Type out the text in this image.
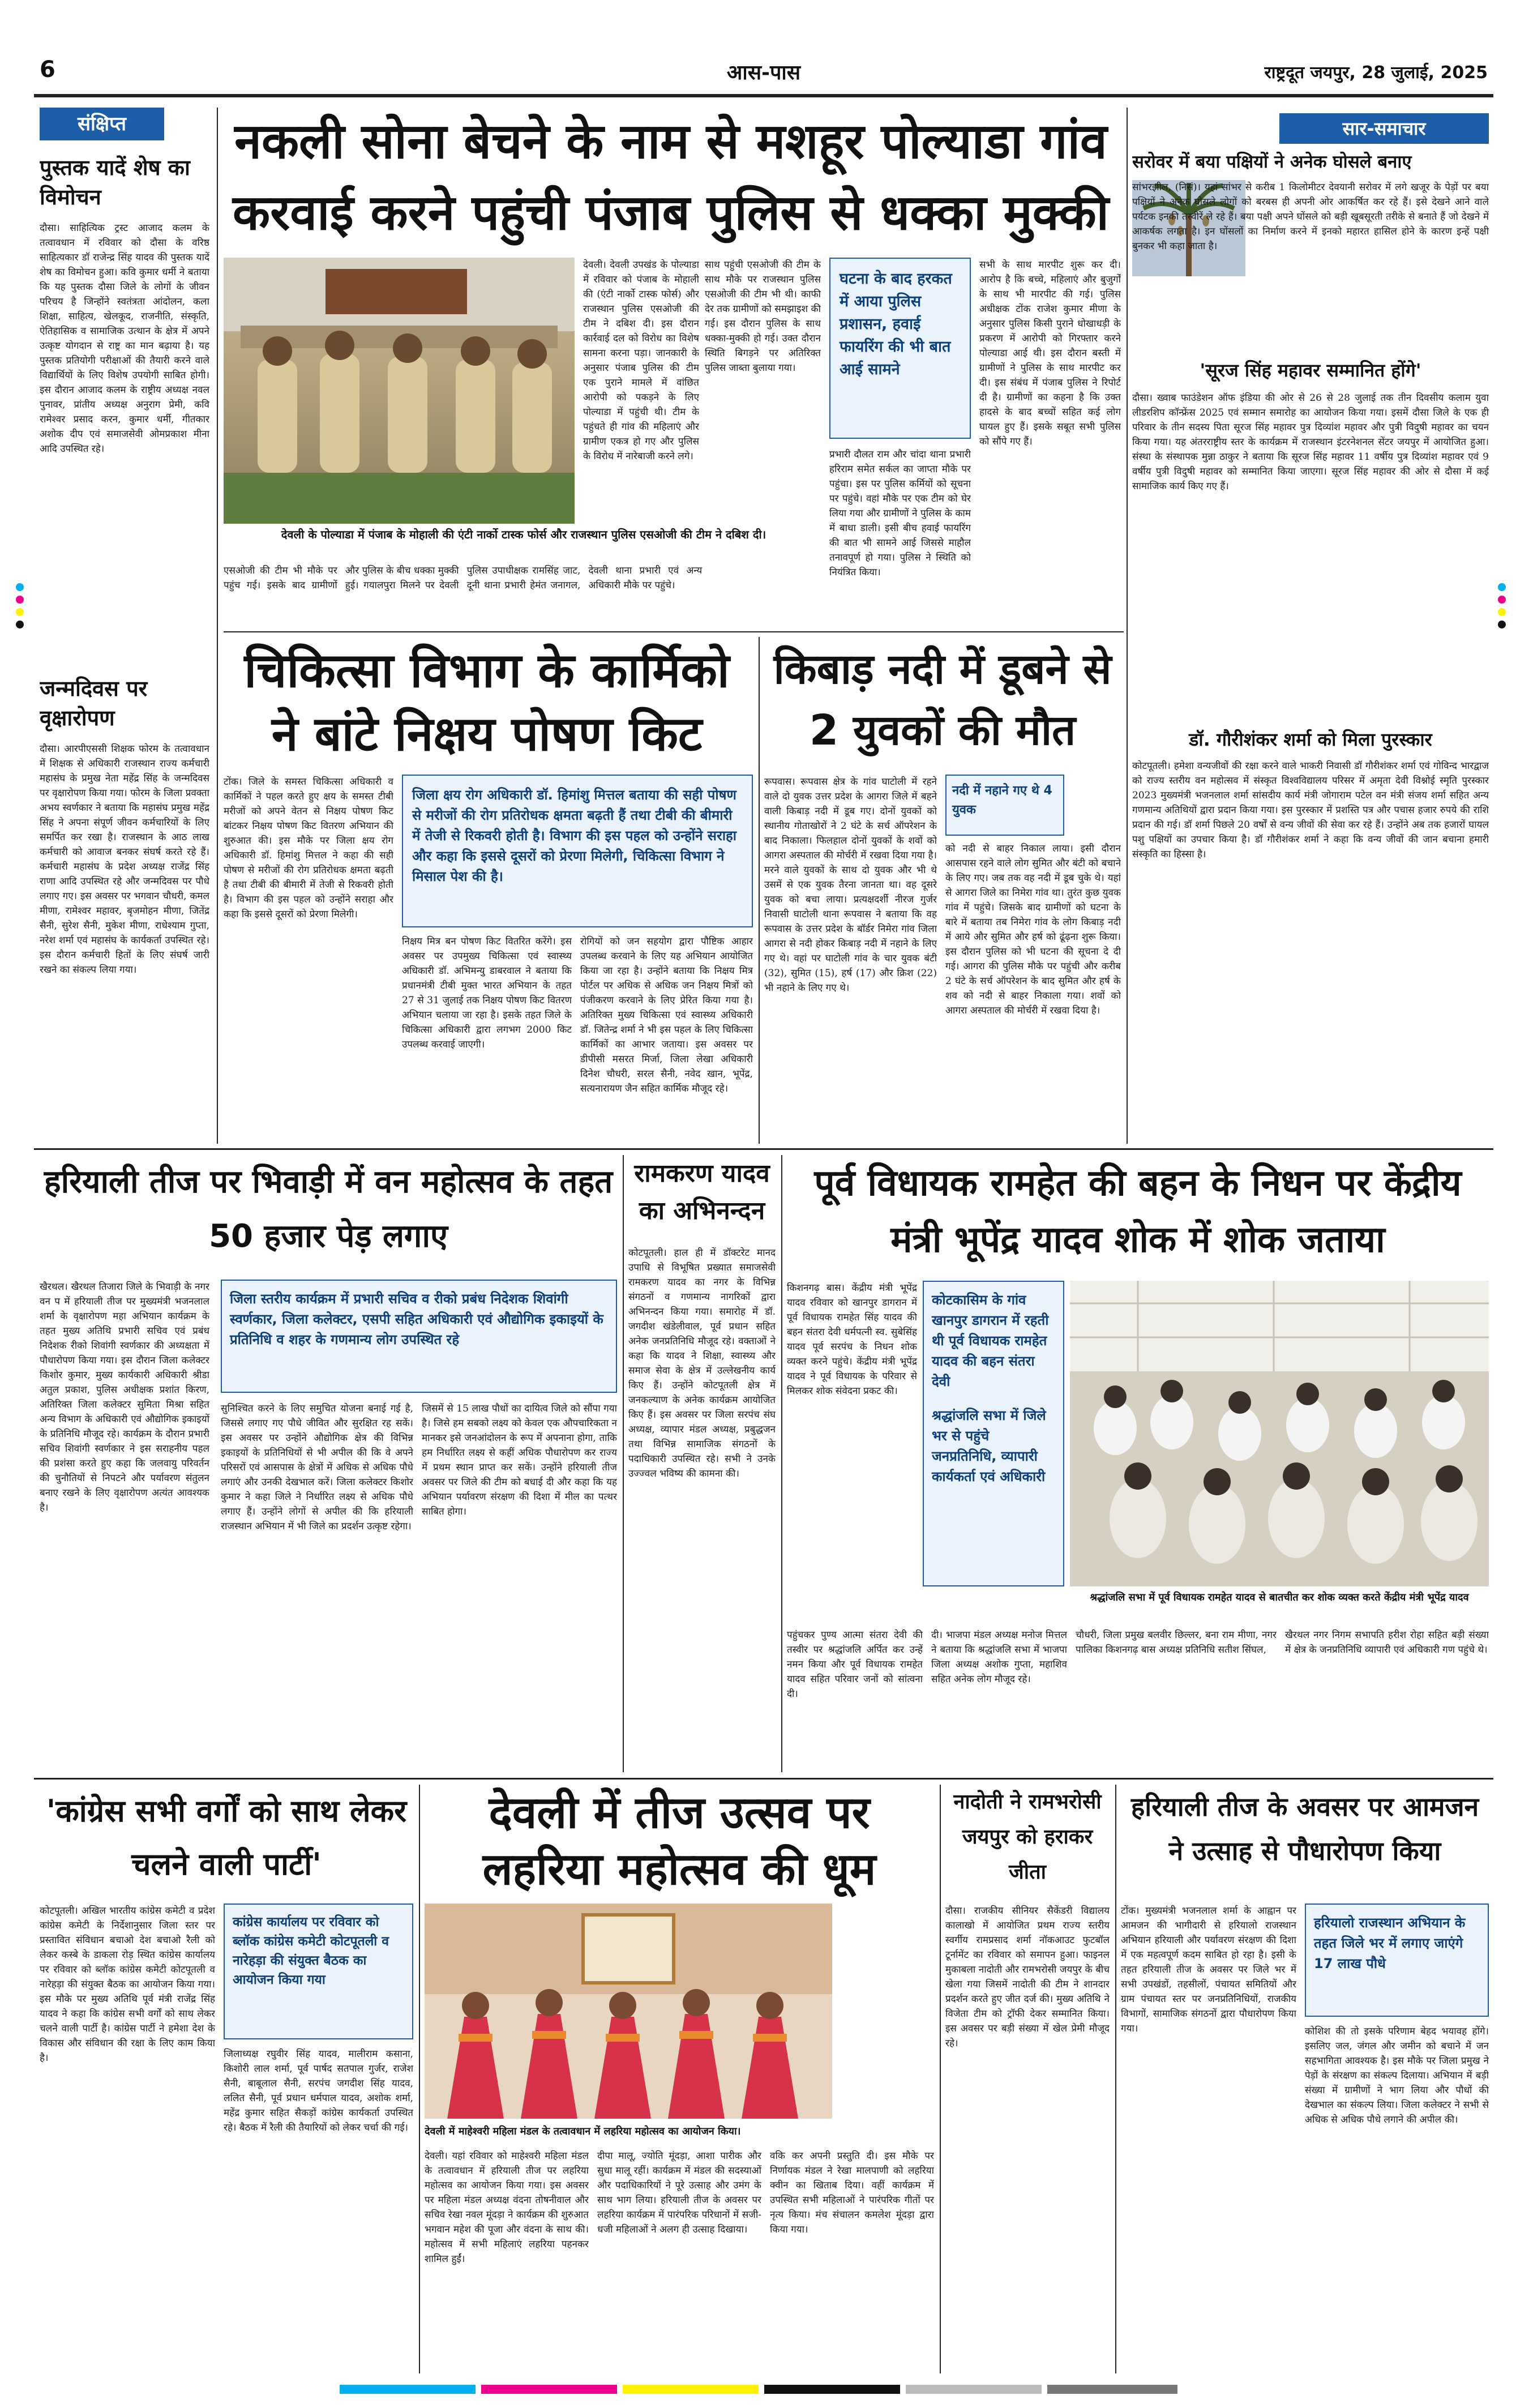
6	आस-पास	राष्ट्रदूत जयपुर, 28 जुलाई, 2025
संक्षिप्त
पुस्तक यादें शेष का विमोचन
दौसा। साहित्यिक ट्रस्ट आजाद कलम के तत्वावधान में रविवार को दौसा के वरिष्ठ साहित्यकार डॉ राजेन्द्र सिंह यादव की पुस्तक यादें शेष का विमोचन हुआ। कवि कुमार धर्मी ने बताया कि यह पुस्तक दौसा जिले के लोगों के जीवन परिचय है जिन्होंने स्वतंत्रता आंदोलन, कला शिक्षा, साहित्य, खेलकूद, राजनीति, संस्कृति, ऐतिहासिक व सामाजिक उत्थान के क्षेत्र में अपने उत्कृष्ट योगदान से राष्ट्र का मान बढ़ाया है। यह पुस्तक प्रतियोगी परीक्षाओं की तैयारी करने वाले विद्यार्थियों के लिए विशेष उपयोगी साबित होगी। इस दौरान आजाद कलम के राष्ट्रीय अध्यक्ष नवल पुनावर, प्रांतीय अध्यक्ष अनुराग प्रेमी, कवि रामेश्वर प्रसाद करन, कुमार धर्मी, गीतकार अशोक दीप एवं समाजसेवी ओमप्रकाश मीना आदि उपस्थित रहे।
जन्मदिवस पर वृक्षारोपण
दौसा। आरपीएससी शिक्षक फोरम के तत्वावधान में शिक्षक से अधिकारी राजस्थान राज्य कर्मचारी महासंघ के प्रमुख नेता महेंद्र सिंह के जन्मदिवस पर वृक्षारोपण किया गया। फोरम के जिला प्रवक्ता अभय स्वर्णकार ने बताया कि महासंघ प्रमुख महेंद्र सिंह ने अपना संपूर्ण जीवन कर्मचारियों के लिए समर्पित कर रखा है। राजस्थान के आठ लाख कर्मचारी को आवाज बनकर संघर्ष करते रहे हैं। कर्मचारी महासंघ के प्रदेश अध्यक्ष राजेंद्र सिंह राणा आदि उपस्थित रहे और जन्मदिवस पर पौधे लगाए गए। इस अवसर पर भगवान चौधरी, कमल मीणा, रामेश्वर महावर, बृजमोहन मीणा, जितेंद्र सैनी, सुरेश सैनी, मुकेश मीणा, राधेश्याम गुप्ता, नरेश शर्मा एवं महासंघ के कार्यकर्ता उपस्थित रहे। इस दौरान कर्मचारी हितों के लिए संघर्ष जारी रखने का संकल्प लिया गया।
नकली सोना बेचने के नाम से मशहूर पोल्याडा गांव
करवाई करने पहुंची पंजाब पुलिस से धक्का मुक्की
देवली के पोल्याडा में पंजाब के मोहाली की एंटी नार्को टास्क फोर्स और राजस्थान पुलिस एसओजी की टीम ने दबिश दी।
देवली। देवली उपखंड के पोल्याडा में रविवार को पंजाब के मोहाली की (एंटी नार्को टास्क फोर्स) और राजस्थान पुलिस एसओजी की टीम ने दबिश दी। इस दौरान कार्रवाई दल को विरोध का विशेष सामना करना पड़ा। जानकारी के अनुसार पंजाब पुलिस की टीम एक पुराने मामले में वांछित आरोपी को पकड़ने के लिए पोल्याडा में पहुंची थी। टीम के पहुंचते ही गांव की महिलाएं और ग्रामीण एकत्र हो गए और पुलिस के विरोध में नारेबाजी करने लगे।
साथ पहुंची एसओजी की टीम के साथ मौके पर राजस्थान पुलिस एसओजी की टीम भी थी। काफी देर तक ग्रामीणों को समझाइश की गई। इस दौरान पुलिस के साथ धक्का-मुक्की हो गई। उक्त दौरान स्थिति बिगड़ने पर अतिरिक्त पुलिस जाब्ता बुलाया गया।
एसओजी की टीम भी मौके पर पहुंच गई। इसके बाद ग्रामीणों और पुलिस के बीच धक्का मुक्की हुई। गयालपुरा मिलने पर देवली पुलिस उपाधीक्षक रामसिंह जाट, दूनी थाना प्रभारी हेमंत जनागल, देवली थाना प्रभारी एवं अन्य अधिकारी मौके पर पहुंचे।

घटना के बाद हरकत में आया पुलिस प्रशासन, हवाई फायरिंग की भी बात आई सामने

प्रभारी दौलत राम और चांदा थाना प्रभारी हरिराम समेत सर्कल का जाप्ता मौके पर पहुंचा। इस पर पुलिस कर्मियों को सूचना पर पहुंचे। वहां मौके पर एक टीम को घेर लिया गया और ग्रामीणों ने पुलिस के काम में बाधा डाली। इसी बीच हवाई फायरिंग की बात भी सामने आई जिससे माहौल तनावपूर्ण हो गया। पुलिस ने स्थिति को नियंत्रित किया।
सभी के साथ मारपीट शुरू कर दी। आरोप है कि बच्चे, महिलाएं और बुजुर्गों के साथ भी मारपीट की गई। पुलिस अधीक्षक टोंक राजेश कुमार मीणा के अनुसार पुलिस किसी पुराने धोखाधड़ी के प्रकरण में आरोपी को गिरफ्तार करने पोल्याडा आई थी। इस दौरान बस्ती में ग्रामीणों ने पुलिस के साथ मारपीट कर दी। इस संबंध में पंजाब पुलिस ने रिपोर्ट दी है। ग्रामीणों का कहना है कि उक्त हादसे के बाद बच्चों सहित कई लोग घायल हुए हैं। इसके सबूत सभी पुलिस को सौंपे गए हैं।
सार-समाचार
सरोवर में बया पक्षियों ने अनेक घोसले बनाए
सांभरझील, (निसं)। यहां सांभर से करीब 1 किलोमीटर देवयानी सरोवर में लगे खजूर के पेड़ों पर बया पक्षियों ने अनेक घोसले लोगों को बरबस ही अपनी ओर आकर्षित कर रहे हैं। इसे देखने आने वाले पर्यटक इनकी तस्वीरें ले रहे हैं। बया पक्षी अपने घोंसले को बड़ी खूबसूरती तरीके से बनाते हैं जो देखने में आकर्षक लगता है। इन घोंसलों का निर्माण करने में इनको महारत हासिल होने के कारण इन्हें पक्षी बुनकर भी कहा जाता है।
'सूरज सिंह महावर सम्मानित होंगे'
दौसा। ख्वाब फाउंडेशन ऑफ इंडिया की ओर से 26 से 28 जुलाई तक तीन दिवसीय कलाम युवा लीडरशिप कॉन्फ्रेंस 2025 एवं सम्मान समारोह का आयोजन किया गया। इसमें दौसा जिले के एक ही परिवार के तीन सदस्य पिता सूरज सिंह महावर पुत्र दिव्यांश महावर और पुत्री विदुषी महावर का चयन किया गया। यह अंतरराष्ट्रीय स्तर के कार्यक्रम में राजस्थान इंटरनेशनल सेंटर जयपुर में आयोजित हुआ। संस्था के संस्थापक मुन्ना ठाकुर ने बताया कि सूरज सिंह महावर 11 वर्षीय पुत्र दिव्यांश महावर एवं 9 वर्षीय पुत्री विदुषी महावर को सम्मानित किया जाएगा। सूरज सिंह महावर की ओर से दौसा में कई सामाजिक कार्य किए गए हैं।
डॉ. गौरीशंकर शर्मा को मिला पुरस्कार
कोटपूतली। हमेशा वन्यजीवों की रक्षा करने वाले भाकरी निवासी डॉ गौरीशंकर शर्मा एवं गोविन्द भारद्वाज को राज्य स्तरीय वन महोत्सव में संस्कृत विश्वविद्यालय परिसर में अमृता देवी विश्नोई स्मृति पुरस्कार 2023 मुख्यमंत्री भजनलाल शर्मा सांसदीय कार्य मंत्री जोगाराम पटेल वन मंत्री संजय शर्मा सहित अन्य गणमान्य अतिथियों द्वारा प्रदान किया गया। इस पुरस्कार में प्रशस्ति पत्र और पचास हजार रुपये की राशि प्रदान की गई। डॉ शर्मा पिछले 20 वर्षों से वन्य जीवों की सेवा कर रहे हैं। उन्होंने अब तक हजारों घायल पशु पक्षियों का उपचार किया है। डॉ गौरीशंकर शर्मा ने कहा कि वन्य जीवों की जान बचाना हमारी संस्कृति का हिस्सा है।
चिकित्सा विभाग के कार्मिको ने बांटे निक्षय पोषण किट

जिला क्षय रोग अधिकारी डॉ. हिमांशु मित्तल बताया की सही पोषण से मरीजों की रोग प्रतिरोधक क्षमता बढ़ती हैं तथा टीबी की बीमारी में तेजी से रिकवरी होती है। विभाग की इस पहल को उन्होंने सराहा और कहा कि इससे दूसरों को प्रेरणा मिलेगी, चिकित्सा विभाग ने मिसाल पेश की है।

टोंक। जिले के समस्त चिकित्सा अधिकारी व कार्मिकों ने पहल करते हुए क्षय के समस्त टीबी मरीजों को अपने वेतन से निक्षय पोषण किट बांटकर निक्षय पोषण किट वितरण अभियान की शुरुआत की। इस मौके पर जिला क्षय रोग अधिकारी डॉ. हिमांशु मित्तल ने कहा की सही पोषण से मरीजों की रोग प्रतिरोधक क्षमता बढ़ती है तथा टीबी की बीमारी में तेजी से रिकवरी होती है। विभाग की इस पहल को उन्होंने सराहा और कहा कि इससे दूसरों को प्रेरणा मिलेगी।
निक्षय मित्र बन पोषण किट वितरित करेंगे। इस अवसर पर उपमुख्य चिकित्सा एवं स्वास्थ्य अधिकारी डॉ. अभिमन्यु डाबरवाल ने बताया कि प्रधानमंत्री टीबी मुक्त भारत अभियान के तहत 27 से 31 जुलाई तक निक्षय पोषण किट वितरण अभियान चलाया जा रहा है। इसके तहत जिले के चिकित्सा अधिकारी द्वारा लगभग 2000 किट उपलब्ध करवाई जाएगी।
रोगियों को जन सहयोग द्वारा पौष्टिक आहार उपलब्ध करवाने के लिए यह अभियान आयोजित किया जा रहा है। उन्होंने बताया कि निक्षय मित्र पोर्टल पर अधिक से अधिक जन निक्षय मित्रों को पंजीकरण करवाने के लिए प्रेरित किया गया है। अतिरिक्त मुख्य चिकित्सा एवं स्वास्थ्य अधिकारी डॉ. जितेन्द्र शर्मा ने भी इस पहल के लिए चिकित्सा कार्मिकों का आभार जताया। इस अवसर पर डीपीसी मसरत मिर्जा, जिला लेखा अधिकारी दिनेश चौधरी, सरल सैनी, नवेद खान, भूपेंद्र, सत्यनारायण जैन सहित कार्मिक मौजूद रहे।
किबाड़ नदी में डूबने से 2 युवकों की मौत

नदी में नहाने गए थे 4 युवक

रूपवास। रूपवास क्षेत्र के गांव घाटोली में रहने वाले दो युवक उत्तर प्रदेश के आगरा जिले में बहने वाली किबाड़ नदी में डूब गए। दोनों युवकों को स्थानीय गोताखोरों ने 2 घंटे के सर्च ऑपरेशन के बाद निकाला। फिलहाल दोनों युवकों के शवों को आगरा अस्पताल की मोर्चरी में रखवा दिया गया है। मरने वाले युवकों के साथ दो युवक और भी थे उसमें से एक युवक तैरना जानता था। वह दूसरे युवक को बचा लाया। प्रत्यक्षदर्शी नीरज गुर्जर निवासी घाटोली थाना रूपवास ने बताया कि वह रूपवास के उत्तर प्रदेश के बॉर्डर निमेरा गांव जिला आगरा से नदी होकर किबाड़ नदी में नहाने के लिए गए थे। वहां पर घाटोली गांव के चार युवक बंटी (32), सुमित (15), हर्ष (17) और क्रिश (22) भी नहाने के लिए गए थे।
को नदी से बाहर निकाल लाया। इसी दौरान आसपास रहने वाले लोग सुमित और बंटी को बचाने के लिए गए। जब तक वह नदी में डूब चुके थे। यहां से आगरा जिले का निमेरा गांव था। तुरंत कुछ युवक गांव में पहुंचे। जिसके बाद ग्रामीणों को घटना के बारे में बताया तब निमेरा गांव के लोग किबाड़ नदी में आये और सुमित और हर्ष को ढूंढ़ना शुरू किया। इस दौरान पुलिस को भी घटना की सूचना दे दी गई। आगरा की पुलिस मौके पर पहुंची और करीब 2 घंटे के सर्च ऑपरेशन के बाद सुमित और हर्ष के शव को नदी से बाहर निकाला गया। शवों को आगरा अस्पताल की मोर्चरी में रखवा दिया है।
हरियाली तीज पर भिवाड़ी में वन महोत्सव के तहत 50 हजार पेड़ लगाए
खैरथल। खैरथल तिजारा जिले के भिवाड़ी के नगर वन प में हरियाली तीज पर मुख्यमंत्री भजनलाल शर्मा के वृक्षारोपण महा अभियान कार्यक्रम के तहत मुख्य अतिथि प्रभारी सचिव एवं प्रबंध निदेशक रीको शिवांगी स्वर्णकार की अध्यक्षता में पौधारोपण किया गया। इस दौरान जिला कलेक्टर किशोर कुमार, मुख्य कार्यकारी अधिकारी श्रीडा अतुल प्रकाश, पुलिस अधीक्षक प्रशांत किरण, अतिरिक्त जिला कलेक्टर सुमिता मिश्रा सहित अन्य विभाग के अधिकारी एवं औद्योगिक इकाइयों के प्रतिनिधि मौजूद रहे। कार्यक्रम के दौरान प्रभारी सचिव शिवांगी स्वर्णकार ने इस सराहनीय पहल की प्रशंसा करते हुए कहा कि जलवायु परिवर्तन की चुनौतियों से निपटने और पर्यावरण संतुलन बनाए रखने के लिए वृक्षारोपण अत्यंत आवश्यक है।

जिला स्तरीय कार्यक्रम में प्रभारी सचिव व रीको प्रबंध निदेशक शिवांगी स्वर्णकार, जिला कलेक्टर, एसपी सहित अधिकारी एवं औद्योगिक इकाइयों के प्रतिनिधि व शहर के गणमान्य लोग उपस्थित रहे

सुनिश्चित करने के लिए समुचित योजना बनाई गई है, जिससे लगाए गए पौधे जीवित और सुरक्षित रह सकें। इस अवसर पर उन्होंने औद्योगिक क्षेत्र की विभिन्न इकाइयों के प्रतिनिधियों से भी अपील की कि वे अपने परिसरों एवं आसपास के क्षेत्रों में अधिक से अधिक पौधे लगाएं और उनकी देखभाल करें। जिला कलेक्टर किशोर कुमार ने कहा जिले ने निर्धारित लक्ष्य से अधिक पौधे लगाए हैं। उन्होंने लोगों से अपील की कि हरियाली राजस्थान अभियान में भी जिले का प्रदर्शन उत्कृष्ट रहेगा।
जिसमें से 15 लाख पौधों का दायित्व जिले को सौंपा गया है। जिसे हम सबको लक्ष्य को केवल एक औपचारिकता न मानकर इसे जनआंदोलन के रूप में अपनाना होगा, ताकि हम निर्धारित लक्ष्य से कहीं अधिक पौधारोपण कर राज्य में प्रथम स्थान प्राप्त कर सकें। उन्होंने हरियाली तीज अवसर पर जिले की टीम को बधाई दी और कहा कि यह अभियान पर्यावरण संरक्षण की दिशा में मील का पत्थर साबित होगा।
रामकरण यादव का अभिनन्दन
कोटपूतली। हाल ही में डॉक्टरेट मानद उपाधि से विभूषित प्रख्यात समाजसेवी रामकरण यादव का नगर के विभिन्न संगठनों व गणमान्य नागरिकों द्वारा अभिनन्दन किया गया। समारोह में डॉ. जगदीश खंडेलीवाल, पूर्व प्रधान सहित अनेक जनप्रतिनिधि मौजूद रहे। वक्ताओं ने कहा कि यादव ने शिक्षा, स्वास्थ्य और समाज सेवा के क्षेत्र में उल्लेखनीय कार्य किए हैं। उन्होंने कोटपूतली क्षेत्र में जनकल्याण के अनेक कार्यक्रम आयोजित किए हैं। इस अवसर पर जिला सरपंच संघ अध्यक्ष, व्यापार मंडल अध्यक्ष, प्रबुद्धजन तथा विभिन्न सामाजिक संगठनों के पदाधिकारी उपस्थित रहे। सभी ने उनके उज्ज्वल भविष्य की कामना की।
पूर्व विधायक रामहेत की बहन के निधन पर केंद्रीय मंत्री भूपेंद्र यादव शोक में शोक जताया
किशनगढ़ बास। केंद्रीय मंत्री भूपेंद्र यादव रविवार को खानपुर डागरान में पूर्व विधायक रामहेत सिंह यादव की बहन संतरा देवी धर्मपत्नी स्व. सुबेसिंह यादव पूर्व सरपंच के निधन शोक व्यक्त करने पहुंचे। केंद्रीय मंत्री भूपेंद्र यादव ने पूर्व विधायक के परिवार से मिलकर शोक संवेदना प्रकट की।

कोटकासिम के गांव खानपुर डागरान में रहती थी पूर्व विधायक रामहेत यादव की बहन संतरा देवी

श्रद्धांजलि सभा में जिले भर से पहुंचे जनप्रतिनिधि, व्यापारी कार्यकर्ता एवं अधिकारी

श्रद्धांजलि सभा में पूर्व विधायक रामहेत यादव से बातचीत कर शोक व्यक्त करते केंद्रीय मंत्री भूपेंद्र यादव
पहुंचकर पुण्य आत्मा संतरा देवी की तस्वीर पर श्रद्धांजलि अर्पित कर उन्हें नमन किया और पूर्व विधायक रामहेत यादव सहित परिवार जनों को सांत्वना दी।
दी। भाजपा मंडल अध्यक्ष मनोज मित्तल ने बताया कि श्रद्धांजलि सभा में भाजपा जिला अध्यक्ष अशोक गुप्ता, महाशिव सहित अनेक लोग मौजूद रहे।
चौधरी, जिला प्रमुख बलवीर छिल्लर, बना राम मीणा, नगर पालिका किशनगढ़ बास अध्यक्ष प्रतिनिधि सतीश सिंघल,
खैरथल नगर निगम सभापति हरीश रोहा सहित बड़ी संख्या में क्षेत्र के जनप्रतिनिधि व्यापारी एवं अधिकारी गण पहुंचे थे।
'कांग्रेस सभी वर्गों को साथ लेकर चलने वाली पार्टी'
कोटपूतली। अखिल भारतीय कांग्रेस कमेटी व प्रदेश कांग्रेस कमेटी के निर्देशानुसार जिला स्तर पर प्रस्तावित संविधान बचाओ देश बचाओ रैली को लेकर कस्बे के डाकला रोड़ स्थित कांग्रेस कार्यालय पर रविवार को ब्लॉक कांग्रेस कमेटी कोटपूतली व नारेहड़ा की संयुक्त बैठक का आयोजन किया गया। इस मौके पर मुख्य अतिथि पूर्व मंत्री राजेंद्र सिंह यादव ने कहा कि कांग्रेस सभी वर्गों को साथ लेकर चलने वाली पार्टी है। कांग्रेस पार्टी ने हमेशा देश के विकास और संविधान की रक्षा के लिए काम किया है।

कांग्रेस कार्यालय पर रविवार को ब्लॉक कांग्रेस कमेटी कोटपूतली व नारेहड़ा की संयुक्त बैठक का आयोजन किया गया

जिलाध्यक्ष रघुवीर सिंह यादव, मालीराम कसाना, किशोरी लाल शर्मा, पूर्व पार्षद सतपाल गुर्जर, राजेश सैनी, बाबूलाल सैनी, सरपंच जगदीश सिंह यादव, ललित सैनी, पूर्व प्रधान धर्मपाल यादव, अशोक शर्मा, महेंद्र कुमार सहित सैकड़ों कांग्रेस कार्यकर्ता उपस्थित रहे। बैठक में रैली की तैयारियों को लेकर चर्चा की गई।
देवली में तीज उत्सव पर लहरिया महोत्सव की धूम
देवली में माहेश्वरी महिला मंडल के तत्वावधान में लहरिया महोत्सव का आयोजन किया।
देवली। यहां रविवार को माहेश्वरी महिला मंडल के तत्वावधान में हरियाली तीज पर लहरिया महोत्सव का आयोजन किया गया। इस अवसर पर महिला मंडल अध्यक्ष वंदना तोषनीवाल और सचिव रेखा नवल मूंदड़ा ने कार्यक्रम की शुरुआत भगवान महेश की पूजा और वंदना के साथ की। महोत्सव में सभी महिलाएं लहरिया पहनकर शामिल हुईं।
दीपा मालू, ज्योति मूंदड़ा, आशा पारीक और सुधा मालू रहीं। कार्यक्रम में मंडल की सदस्याओं और पदाधिकारियों ने पूरे उत्साह और उमंग के साथ भाग लिया। हरियाली तीज के अवसर पर लहरिया कार्यक्रम में पारंपरिक परिधानों में सजी-धजी महिलाओं ने अलग ही उत्साह दिखाया।
वकि कर अपनी प्रस्तुति दी। इस मौके पर निर्णायक मंडल ने रेखा मालपाणी को लहरिया क्वीन का खिताब दिया। वहीं कार्यक्रम में उपस्थित सभी महिलाओं ने पारंपरिक गीतों पर नृत्य किया। मंच संचालन कमलेश मूंदड़ा द्वारा किया गया।
नादोती ने रामभरोसी जयपुर को हराकर जीता
दौसा। राजकीय सीनियर सैकेंडरी विद्यालय कालाखो में आयोजित प्रथम राज्य स्तरीय स्वर्गीय रामप्रसाद शर्मा नॉकआउट फुटबॉल टूर्नामेंट का रविवार को समापन हुआ। फाइनल मुकाबला नादोती और रामभरोसी जयपुर के बीच खेला गया जिसमें नादोती की टीम ने शानदार प्रदर्शन करते हुए जीत दर्ज की। मुख्य अतिथि ने विजेता टीम को ट्रॉफी देकर सम्मानित किया। इस अवसर पर बड़ी संख्या में खेल प्रेमी मौजूद रहे।
हरियाली तीज के अवसर पर आमजन ने उत्साह से पौधारोपण किया
टोंक। मुख्यमंत्री भजनलाल शर्मा के आह्वान पर आमजन की भागीदारी से हरियालो राजस्थान अभियान हरियाली और पर्यावरण संरक्षण की दिशा में एक महत्वपूर्ण कदम साबित हो रहा है। इसी के तहत हरियाली तीज के अवसर पर जिले भर में सभी उपखंडों, तहसीलों, पंचायत समितियों और ग्राम पंचायत स्तर पर जनप्रतिनिधियों, राजकीय विभागों, सामाजिक संगठनों द्वारा पौधारोपण किया गया।

हरियालो राजस्थान अभियान के तहत जिले भर में लगाए जाएंगे 17 लाख पौधे

कोशिश की तो इसके परिणाम बेहद भयावह होंगे। इसलिए जल, जंगल और जमीन को बचाने में जन सहभागिता आवश्यक है। इस मौके पर जिला प्रमुख ने पेड़ों के संरक्षण का संकल्प दिलाया। अभियान में बड़ी संख्या में ग्रामीणों ने भाग लिया और पौधों की देखभाल का संकल्प लिया। जिला कलेक्टर ने सभी से अधिक से अधिक पौधे लगाने की अपील की।
